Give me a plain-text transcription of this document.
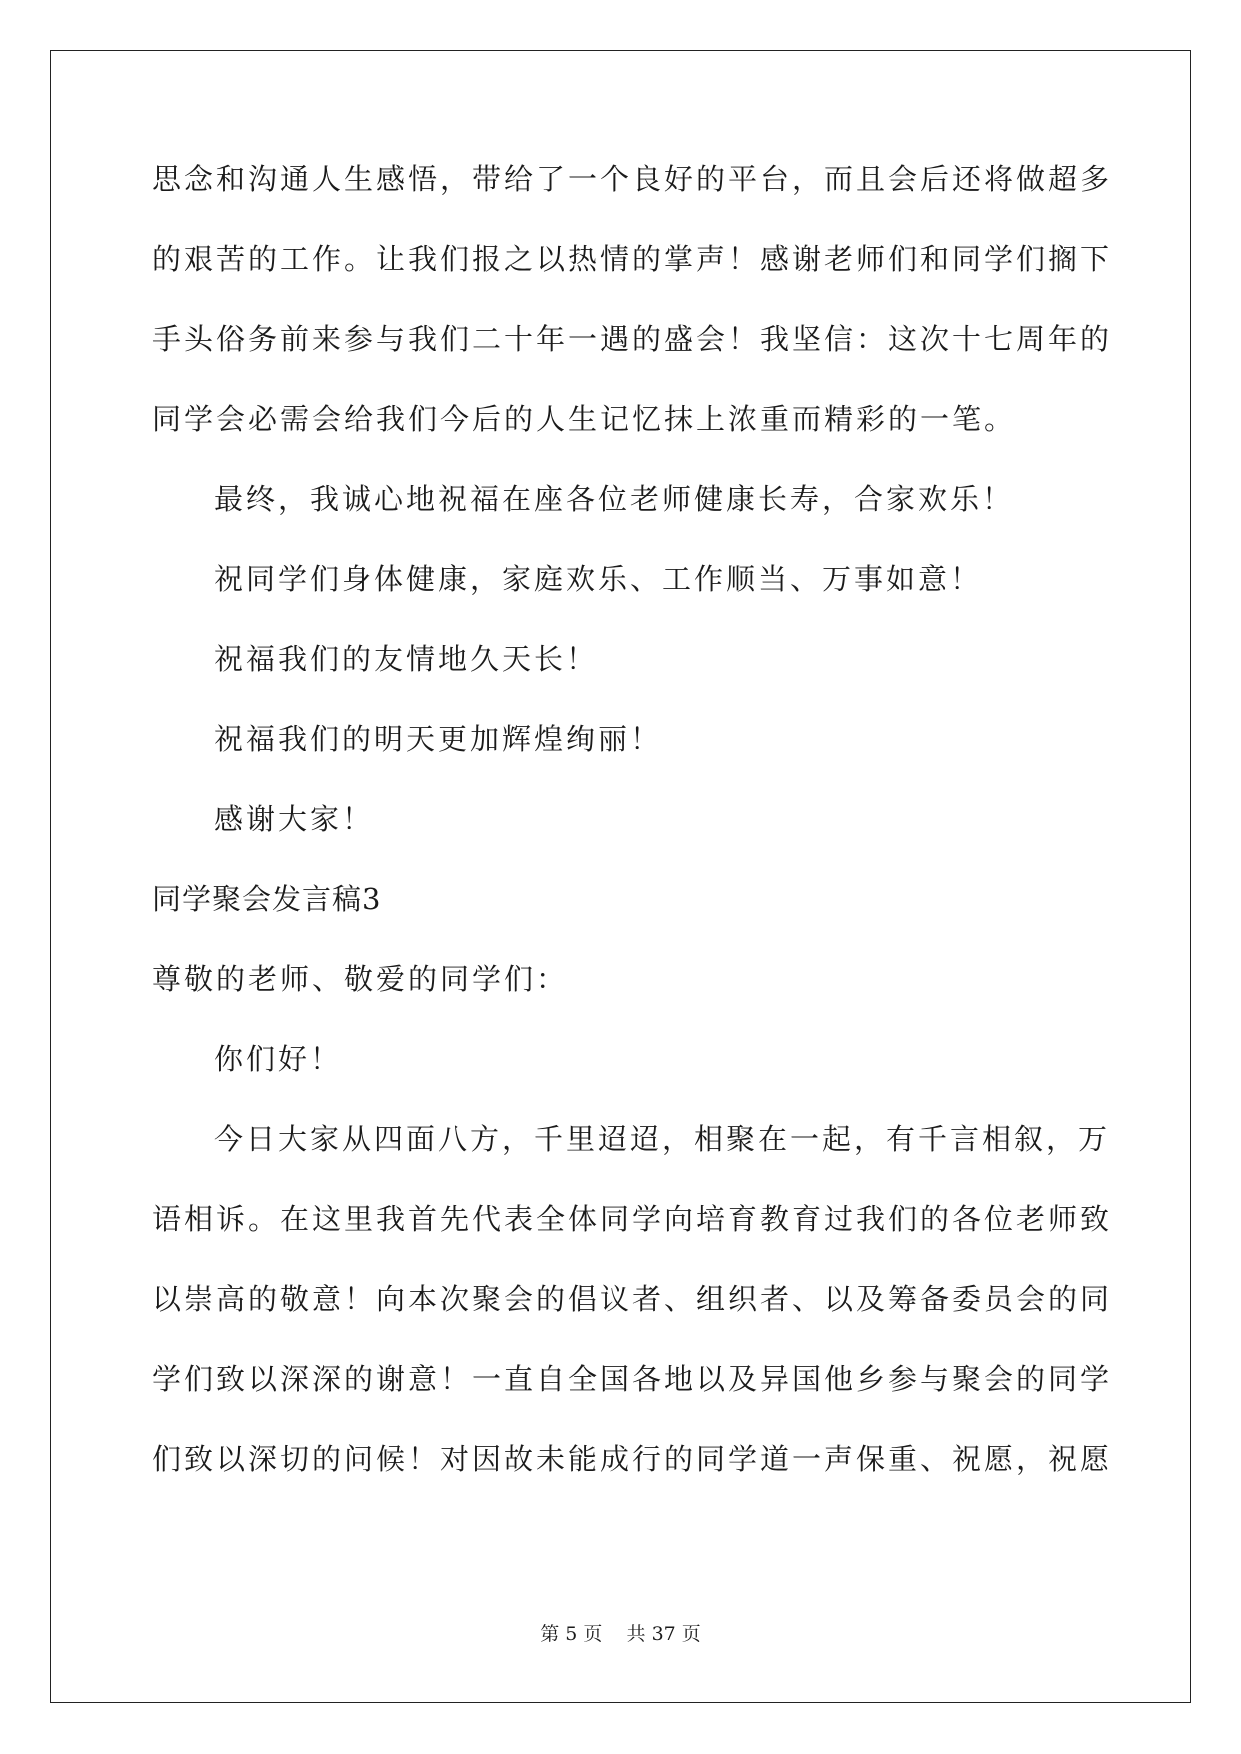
思念和沟通人生感悟，带给了一个良好的平台，而且会后还将做超多
的艰苦的工作。让我们报之以热情的掌声！感谢老师们和同学们搁下
手头俗务前来参与我们二十年一遇的盛会！我坚信：这次十七周年的
同学会必需会给我们今后的人生记忆抹上浓重而精彩的一笔。
最终，我诚心地祝福在座各位老师健康长寿，合家欢乐！
祝同学们身体健康，家庭欢乐、工作顺当、万事如意！
祝福我们的友情地久天长！
祝福我们的明天更加辉煌绚丽！
感谢大家！
同学聚会发言稿3
尊敬的老师、敬爱的同学们：
你们好！
今日大家从四面八方，千里迢迢，相聚在一起，有千言相叙，万
语相诉。在这里我首先代表全体同学向培育教育过我们的各位老师致
以崇高的敬意！向本次聚会的倡议者、组织者、以及筹备委员会的同
学们致以深深的谢意！一直自全国各地以及异国他乡参与聚会的同学
们致以深切的问候！对因故未能成行的同学道一声保重、祝愿，祝愿
第 5 页 共 37 页
